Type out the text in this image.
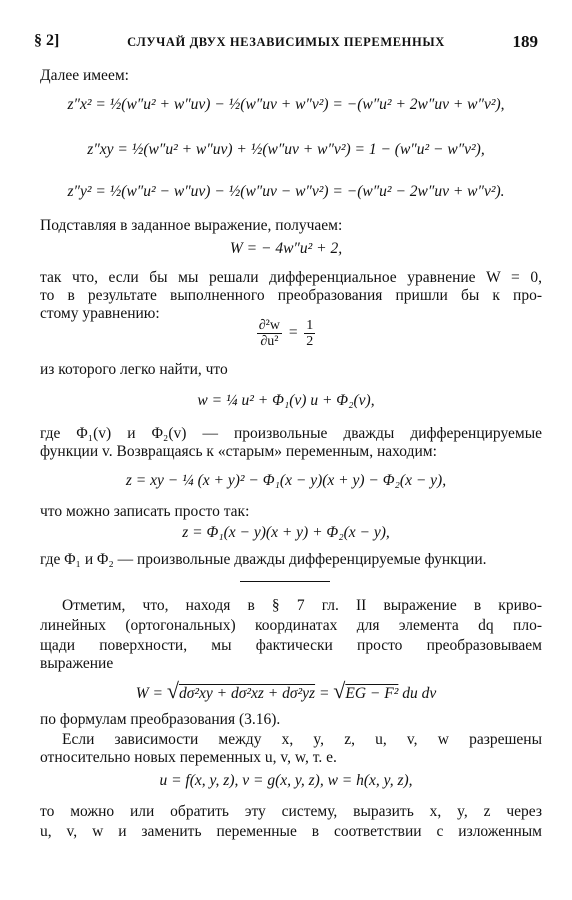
§ 2]	СЛУЧАЙ ДВУХ НЕЗАВИСИМЫХ ПЕРЕМЕННЫХ	189
Далее имеем:
z″x² = ½(w″u² + w″uv) − ½(w″uv + w″v²) = −(w″u² + 2w″uv + w″v²),
z″xy = ½(w″u² + w″uv) + ½(w″uv + w″v²) = 1 − (w″u² − w″v²),
z″y² = ½(w″u² − w″uv) − ½(w″uv − w″v²) = −(w″u² − 2w″uv + w″v²).
Подставляя в заданное выражение, получаем:
W = − 4w″u² + 2,
так что, если бы мы решали дифференциальное уравнение W = 0,
то в результате выполненного преобразования пришли бы к про-
стому уравнению:
$\frac{\text{∂²w}}{\text{∂u²}} = \frac{1}{2}$
из которого легко найти, что
w = ¼ u² + Φ₁(v) u + Φ₂(v),
где Φ₁(v) и Φ₂(v) — произвольные дважды дифференцируемые
функции v. Возвращаясь к «старым» переменным, находим:
z = xy − ¼ (x + y)² − Φ₁(x − y)(x + y) − Φ₂(x − y),
что можно записать просто так:
z = Φ₁(x − y)(x + y) + Φ₂(x − y),
где Φ₁ и Φ₂ — произвольные дважды дифференцируемые функции.
Отметим, что, находя в § 7 гл. II выражение в криво-
линейных (ортогональных) координатах для элемента dq пло-
щади поверхности, мы фактически просто преобразовываем
выражение
W = √dσ²xy + dσ²xz + dσ²yz = √EG − F² du dv
по формулам преобразования (3.16).
Если зависимости между x, y, z, u, v, w разрешены
относительно новых переменных u, v, w, т. е.
u = f(x, y, z), v = g(x, y, z), w = h(x, y, z),
то можно или обратить эту систему, выразить x, y, z через
u, v, w и заменить переменные в соответствии с изложенным
